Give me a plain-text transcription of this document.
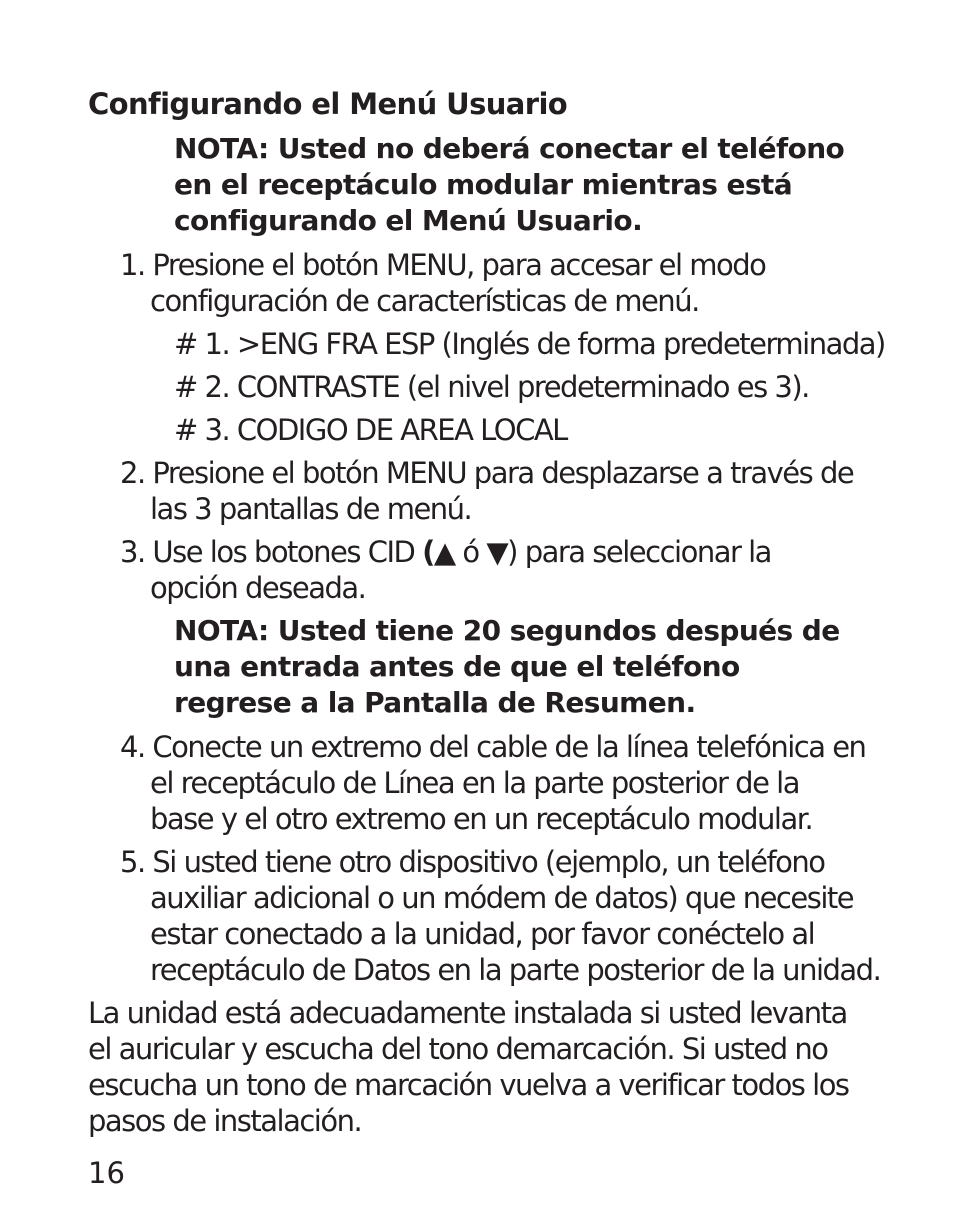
Configurando el Menú Usuario
NOTA: Usted no deberá conectar el teléfono
en el receptáculo modular mientras está
configurando el Menú Usuario.
1. Presione el botón MENU, para accesar el modo
configuración de características de menú.
# 1. >ENG FRA ESP (Inglés de forma predeterminada)
# 2. CONTRASTE (el nivel predeterminado es 3).
# 3. CODIGO DE AREA LOCAL
2. Presione el botón MENU para desplazarse a través de
las 3 pantallas de menú.
3. Use los botones CID (▲ ó ▼) para seleccionar la
opción deseada.
NOTA: Usted tiene 20 segundos después de
una entrada antes de que el teléfono
regrese a la Pantalla de Resumen.
4. Conecte un extremo del cable de la línea telefónica en
el receptáculo de Línea en la parte posterior de la
base y el otro extremo en un receptáculo modular.
5. Si usted tiene otro dispositivo (ejemplo, un teléfono
auxiliar adicional o un módem de datos) que necesite
estar conectado a la unidad, por favor conéctelo al
receptáculo de Datos en la parte posterior de la unidad.
La unidad está adecuadamente instalada si usted levanta
el auricular y escucha del tono demarcación. Si usted no
escucha un tono de marcación vuelva a verificar todos los
pasos de instalación.
16
